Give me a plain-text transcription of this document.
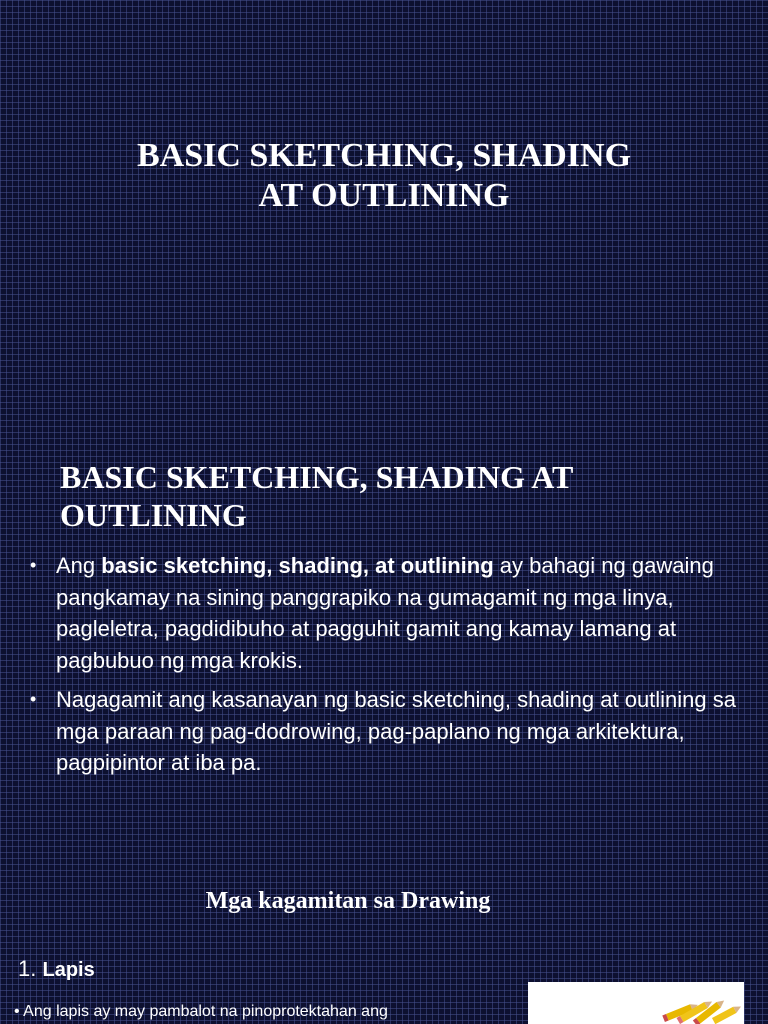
BASIC SKETCHING, SHADING
AT OUTLINING
BASIC SKETCHING, SHADING AT OUTLINING
• Ang basic sketching, shading, at outlining ay bahagi ng gawaing pangkamay na sining panggrapiko na gumagamit ng mga linya, pagleletra, pagdidibuho at pagguhit gamit ang kamay lamang at pagbubuo ng mga krokis.
• Nagagamit ang kasanayan ng basic sketching, shading at outlining sa mga paraan ng pag-dodrowing, pag-paplano ng mga arkitektura, pagpipintor at iba pa.
Mga kagamitan sa Drawing
1. Lapis
• Ang lapis ay may pambalot na pinoprotektahan ang
